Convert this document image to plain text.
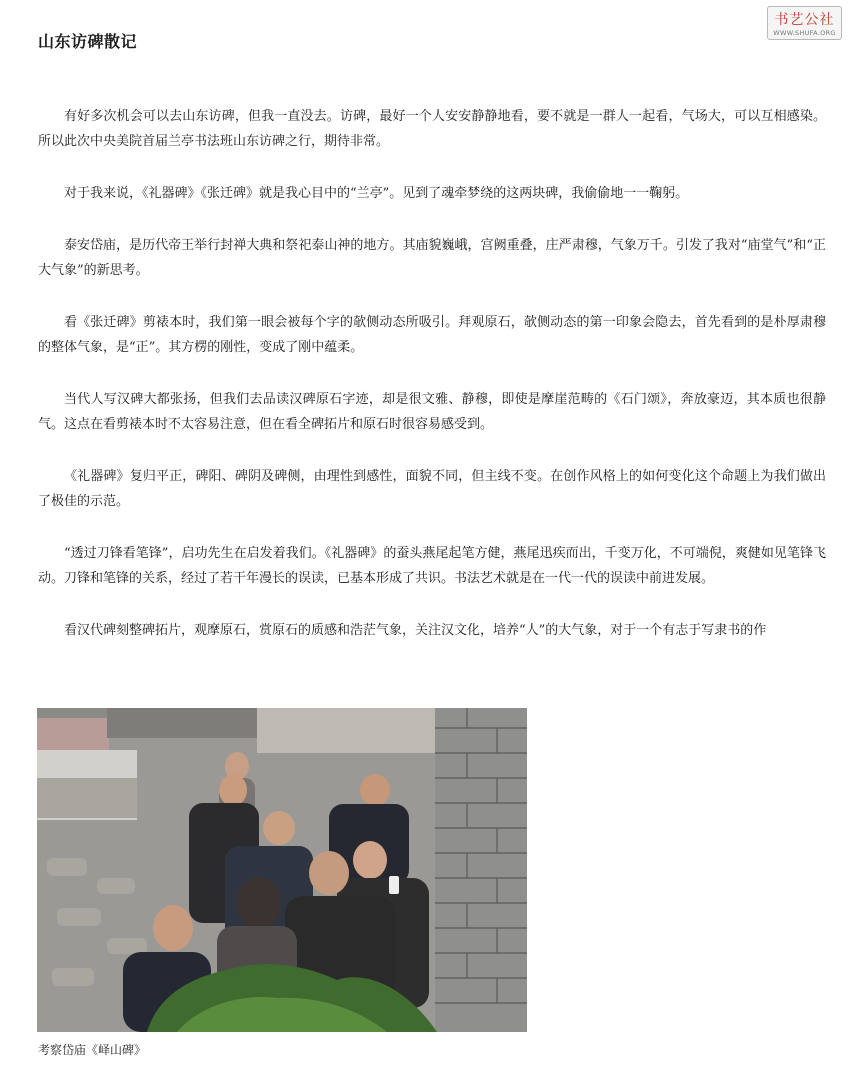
山东访碑散记
书艺公社
WWW.SHUFA.ORG

有好多次机会可以去山东访碑，但我一直没去。访碑，最好一个人安安静静地看，要不就是一群人一起看，气场大，可以互相感染。所以此次中央美院首届兰亭书法班山东访碑之行，期待非常。

对于我来说，《礼器碑》《张迁碑》就是我心目中的“兰亭”。见到了魂牵梦绕的这两块碑，我偷偷地一一鞠躬。

泰安岱庙，是历代帝王举行封禅大典和祭祀泰山神的地方。其庙貌巍峨，宫阙重叠，庄严肃穆，气象万千。引发了我对“庙堂气”和“正大气象”的新思考。

看《张迁碑》剪裱本时，我们第一眼会被每个字的欹侧动态所吸引。拜观原石，欹侧动态的第一印象会隐去，首先看到的是朴厚肃穆的整体气象，是“正”。其方楞的刚性，变成了刚中蕴柔。

当代人写汉碑大都张扬，但我们去品读汉碑原石字迹，却是很文雅、静穆，即使是摩崖范畴的《石门颂》，奔放豪迈，其本质也很静气。这点在看剪裱本时不太容易注意，但在看全碑拓片和原石时很容易感受到。

《礼器碑》复归平正，碑阳、碑阴及碑侧，由理性到感性，面貌不同，但主线不变。在创作风格上的如何变化这个命题上为我们做出了极佳的示范。

“透过刀锋看笔锋”，启功先生在启发着我们。《礼器碑》的蚕头燕尾起笔方健，燕尾迅疾而出，千变万化，不可端倪，爽健如见笔锋飞动。刀锋和笔锋的关系，经过了若干年漫长的误读，已基本形成了共识。书法艺术就是在一代一代的误读中前进发展。

看汉代碑刻整碑拓片，观摩原石，赏原石的质感和浩茫气象，关注汉文化，培养“人”的大气象，对于一个有志于写隶书的作

考察岱庙《峄山碑》
